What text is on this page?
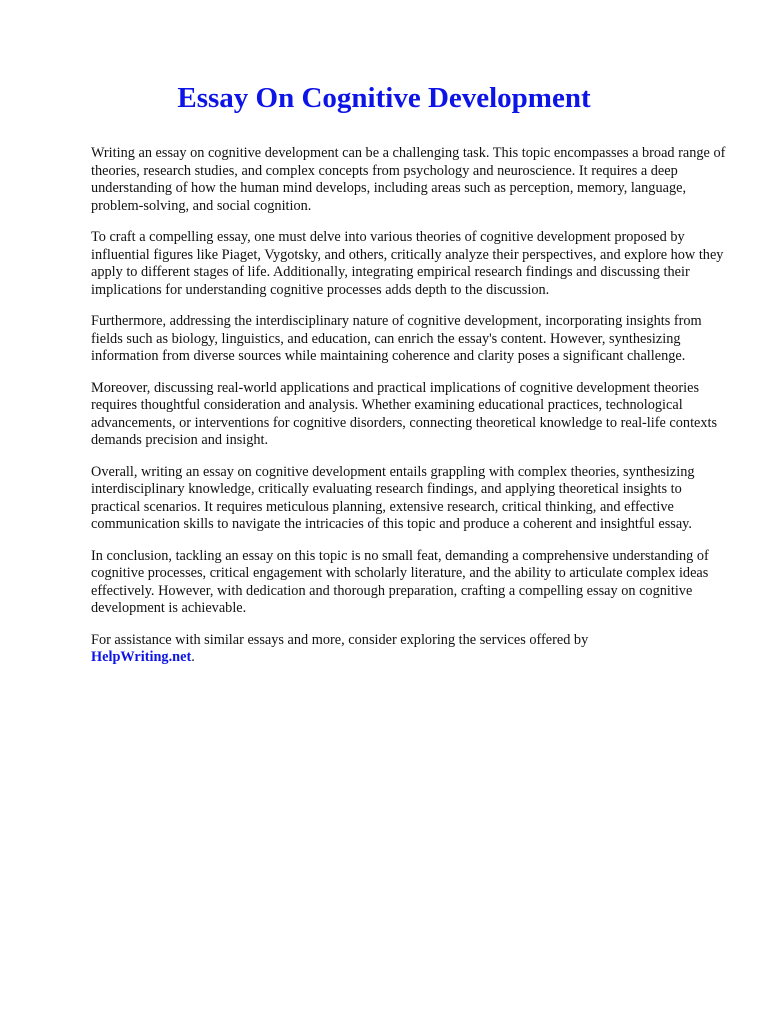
Essay On Cognitive Development

Writing an essay on cognitive development can be a challenging task. This topic encompasses a broad range of theories, research studies, and complex concepts from psychology and neuroscience. It requires a deep understanding of how the human mind develops, including areas such as perception, memory, language, problem-solving, and social cognition.

To craft a compelling essay, one must delve into various theories of cognitive development proposed by influential figures like Piaget, Vygotsky, and others, critically analyze their perspectives, and explore how they apply to different stages of life. Additionally, integrating empirical research findings and discussing their implications for understanding cognitive processes adds depth to the discussion.

Furthermore, addressing the interdisciplinary nature of cognitive development, incorporating insights from fields such as biology, linguistics, and education, can enrich the essay's content. However, synthesizing information from diverse sources while maintaining coherence and clarity poses a significant challenge.

Moreover, discussing real-world applications and practical implications of cognitive development theories requires thoughtful consideration and analysis. Whether examining educational practices, technological advancements, or interventions for cognitive disorders, connecting theoretical knowledge to real-life contexts demands precision and insight.

Overall, writing an essay on cognitive development entails grappling with complex theories, synthesizing interdisciplinary knowledge, critically evaluating research findings, and applying theoretical insights to practical scenarios. It requires meticulous planning, extensive research, critical thinking, and effective communication skills to navigate the intricacies of this topic and produce a coherent and insightful essay.

In conclusion, tackling an essay on this topic is no small feat, demanding a comprehensive understanding of cognitive processes, critical engagement with scholarly literature, and the ability to articulate complex ideas effectively. However, with dedication and thorough preparation, crafting a compelling essay on cognitive development is achievable.

For assistance with similar essays and more, consider exploring the services offered by
HelpWriting.net.
